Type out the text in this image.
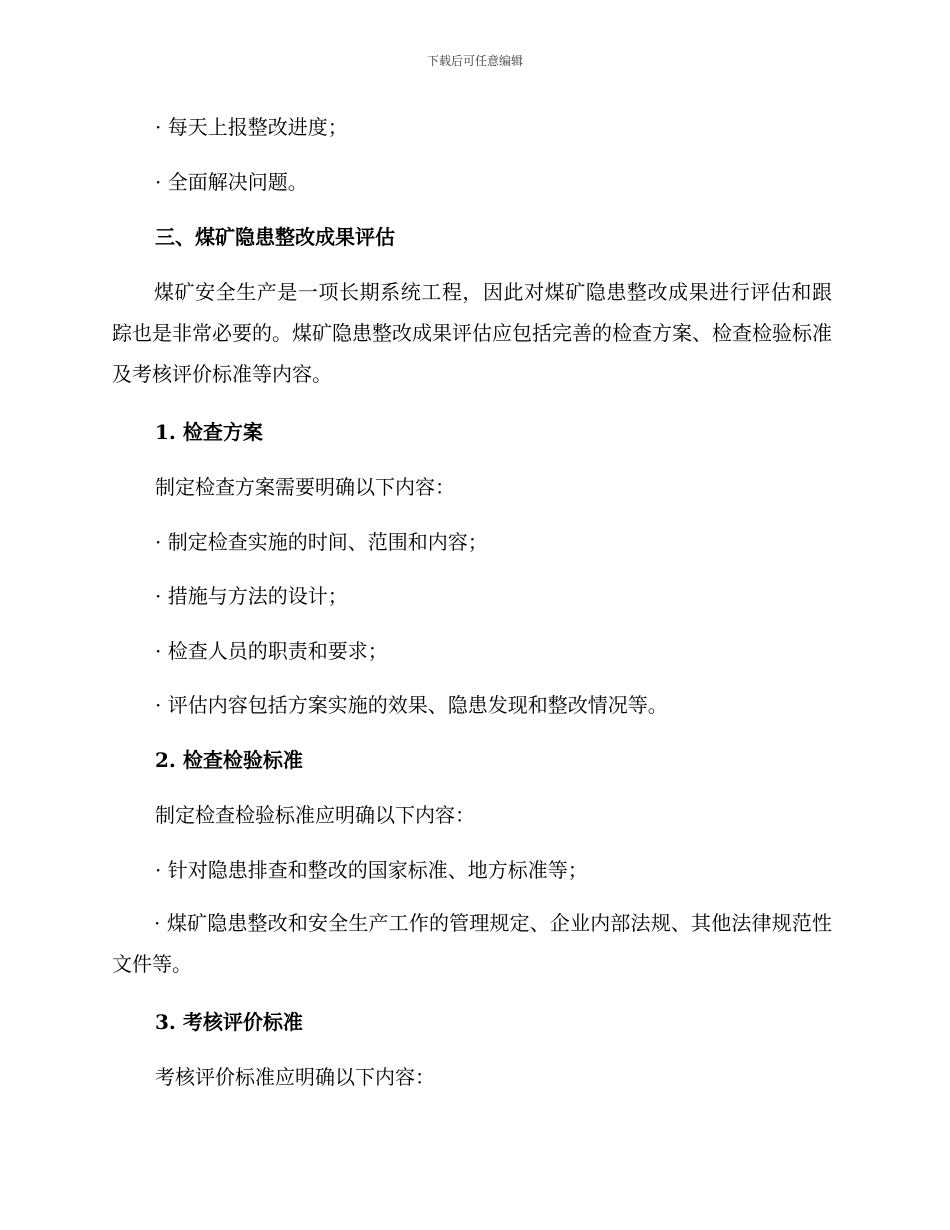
下载后可任意编辑

· 每天上报整改进度；

· 全面解决问题。

三、煤矿隐患整改成果评估

煤矿安全生产是一项长期系统工程，因此对煤矿隐患整改成果进行评估和跟踪也是非常必要的。煤矿隐患整改成果评估应包括完善的检查方案、检查检验标准及考核评价标准等内容。

1. 检查方案

制定检查方案需要明确以下内容：

· 制定检查实施的时间、范围和内容；

· 措施与方法的设计；

· 检查人员的职责和要求；

· 评估内容包括方案实施的效果、隐患发现和整改情况等。

2. 检查检验标准

制定检查检验标准应明确以下内容：

· 针对隐患排查和整改的国家标准、地方标准等；

· 煤矿隐患整改和安全生产工作的管理规定、企业内部法规、其他法律规范性文件等。

3. 考核评价标准

考核评价标准应明确以下内容：
